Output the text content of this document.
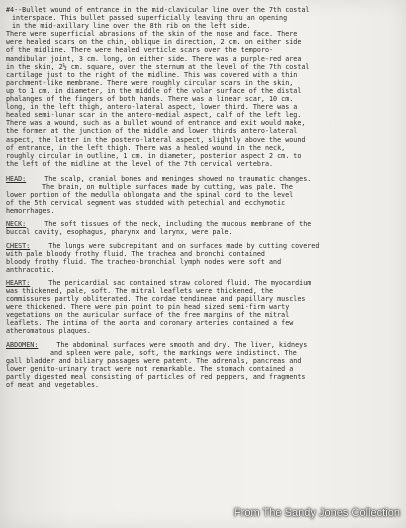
#4--Bullet wound of entrance in the mid-clavicular line over the 7th costal
interspace. This bullet passed superficially leaving thru an opening
in the mid-axillary line over the 8th rib on the left side.
There were superficial abrasions of the skin of the nose and face. There
were healed scars on the chin, oblique in direction, 2 cm. on either side
of the midline. There were healed verticle scars over the temporo-
mandibular joint, 3 cm. long, on either side. There was a purple-red area
in the skin, 2½ cm. square, over the sternum at the level of the 7th costal
cartilage just to the right of the midline. This was covered with a thin
parchment-like membrane. There were roughly circular scars in the skin,
up to 1 cm. in diameter, in the middle of the volar surface of the distal
phalanges of the fingers of both hands. There was a linear scar, 10 cm.
long, in the left thigh, antero-lateral aspect, lower third. There was a
healed semi-lunar scar in the antero-medial aspect, calf of the left leg.
There was a wound, such as a bullet wound of entrance and exit would make,
the former at the junction of the middle and lower thirds antero-lateral
aspect, the latter in the postero-lateral aspect, slightly above the wound
of entrance, in the left thigh. There was a healed wound in the neck,
roughly circular in outline, 1 cm. in diameter, posterior aspect 2 cm. to
the left of the midline at the level of the 7th cervical vertebra.
HEAD:	The scalp, cranial bones and meninges showed no traumatic changes.
The brain, on multiple surfaces made by cutting, was pale. The
lower portion of the medulla oblongata and the spinal cord to the level
of the 5th cervical segment was studded with petechial and ecchymotic
hemorrhages.
NECK:	The soft tissues of the neck, including the mucous membrane of the
buccal cavity, esophagus, pharynx and larynx, were pale.
CHEST:	The lungs were subcrepitant and on surfaces made by cutting covered
with pale bloody frothy fluid. The trachea and bronchi contained
bloody frothy fluid. The tracheo-bronchial lymph nodes were soft and
anthracotic.
HEART:	The pericardial sac contained straw colored fluid. The myocardium
was thickened, pale, soft. The mitral leaflets were thickened, the
commissures partly obliterated. The cordae tendineae and papillary muscles
were thickened. There were pin point to pin head sized semi-firm warty
vegetations on the auricular surface of the free margins of the mitral
leaflets. The intima of the aorta and coronary arteries contained a few
atheromatous plaques.
ABDOMEN:	The abdominal surfaces were smooth and dry. The liver, kidneys
and spleen were pale, soft, the markings were indistinct. The
gall bladder and biliary passages were patent. The adrenals, pancreas and
lower genito-urinary tract were not remarkable. The stomach contained a
partly digested meal consisting of particles of red peppers, and fragments
of meat and vegetables.
From The Sandy Jones Collection
